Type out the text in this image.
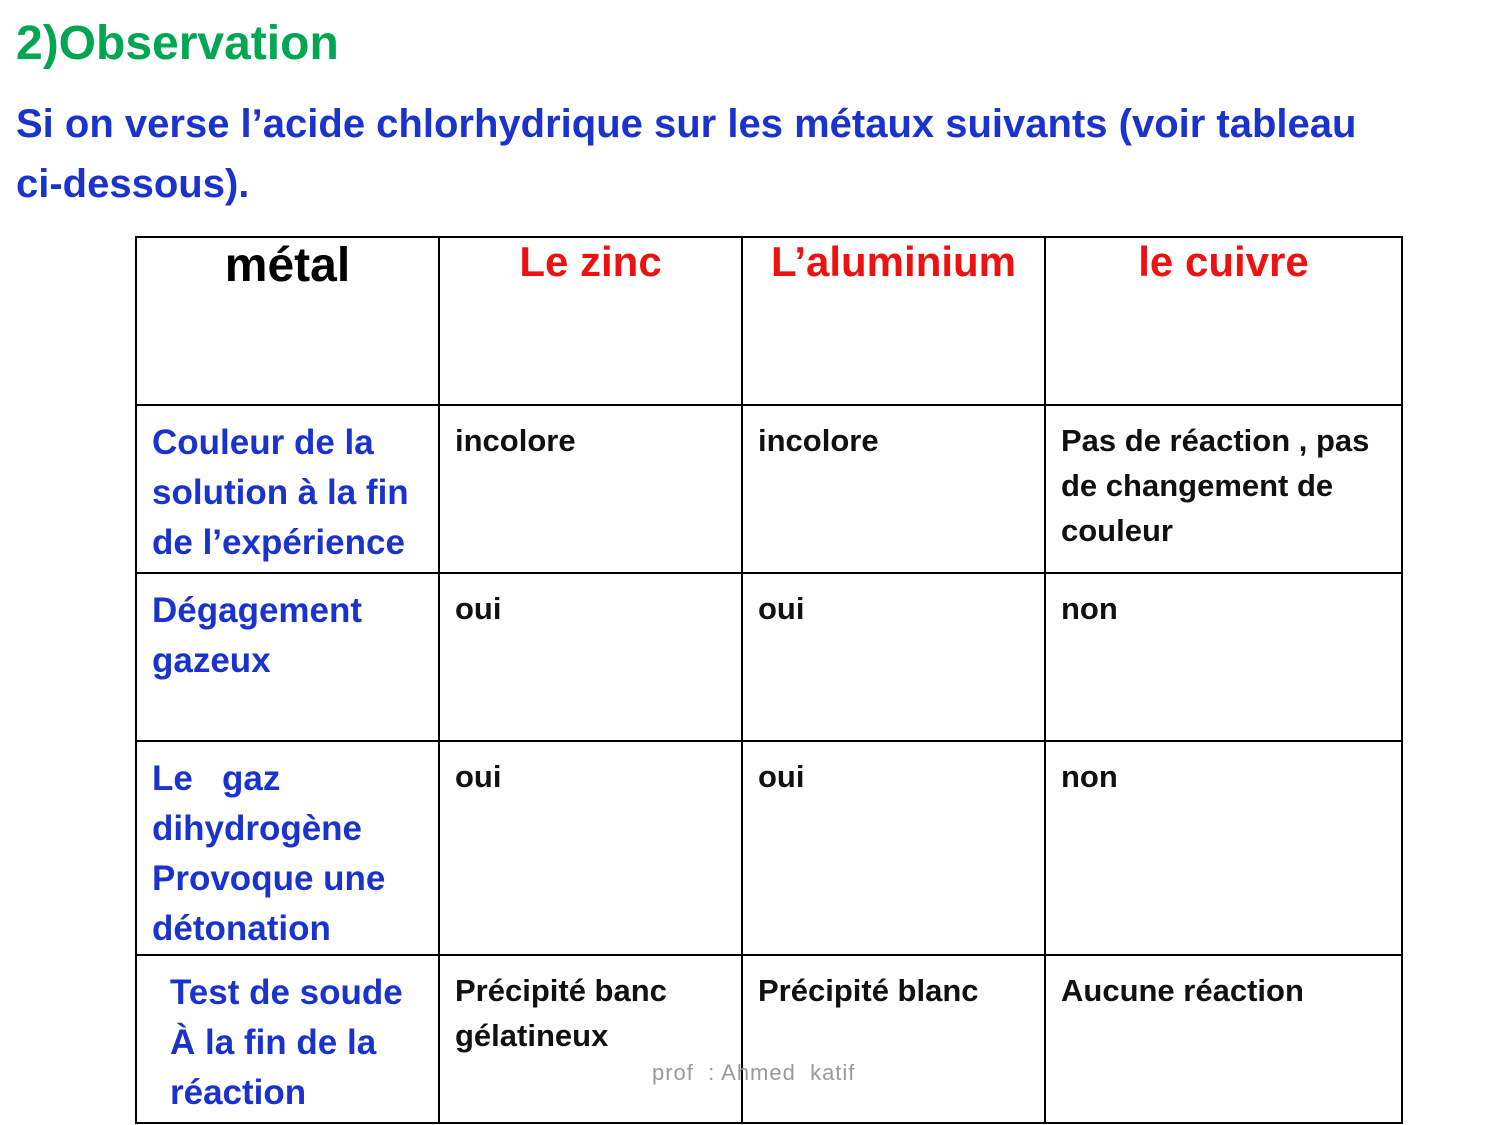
2)Observation

Si on verse l’acide chlorhydrique sur les métaux suivants (voir tableau ci-dessous).

métal	Le zinc	L’aluminium	le cuivre
Couleur de la solution à la fin de l’expérience	incolore	incolore	Pas de réaction , pas de changement de couleur
Dégagement gazeux	oui	oui	non
Le   gaz dihydrogène Provoque une détonation	oui	oui	non
Test de soude À la fin de la réaction	Précipité banc gélatineux	Précipité blanc	Aucune réaction
prof  : Ahmed  katif
